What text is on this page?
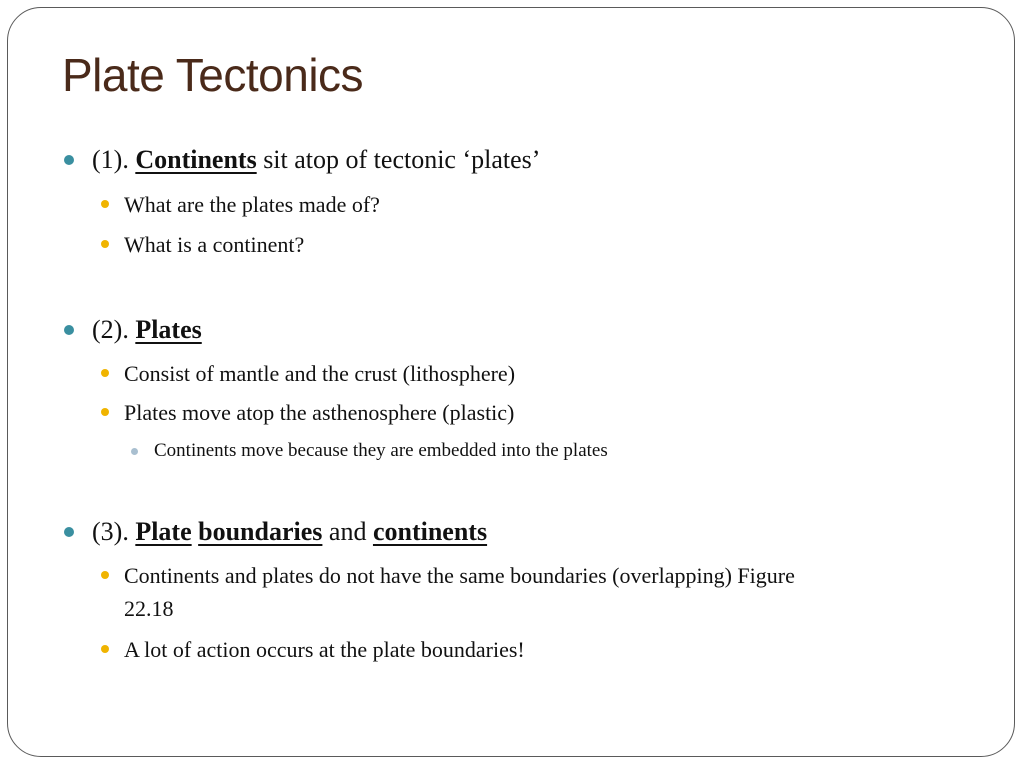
Plate Tectonics
(1). Continents sit atop of tectonic ‘plates’
What are the plates made of?
What is a continent?
(2). Plates
Consist of mantle and the crust (lithosphere)
Plates move atop the asthenosphere (plastic)
Continents move because they are embedded into the plates
(3). Plate boundaries and continents
Continents and plates do not have the same boundaries (overlapping) Figure
22.18
A lot of action occurs at the plate boundaries!
